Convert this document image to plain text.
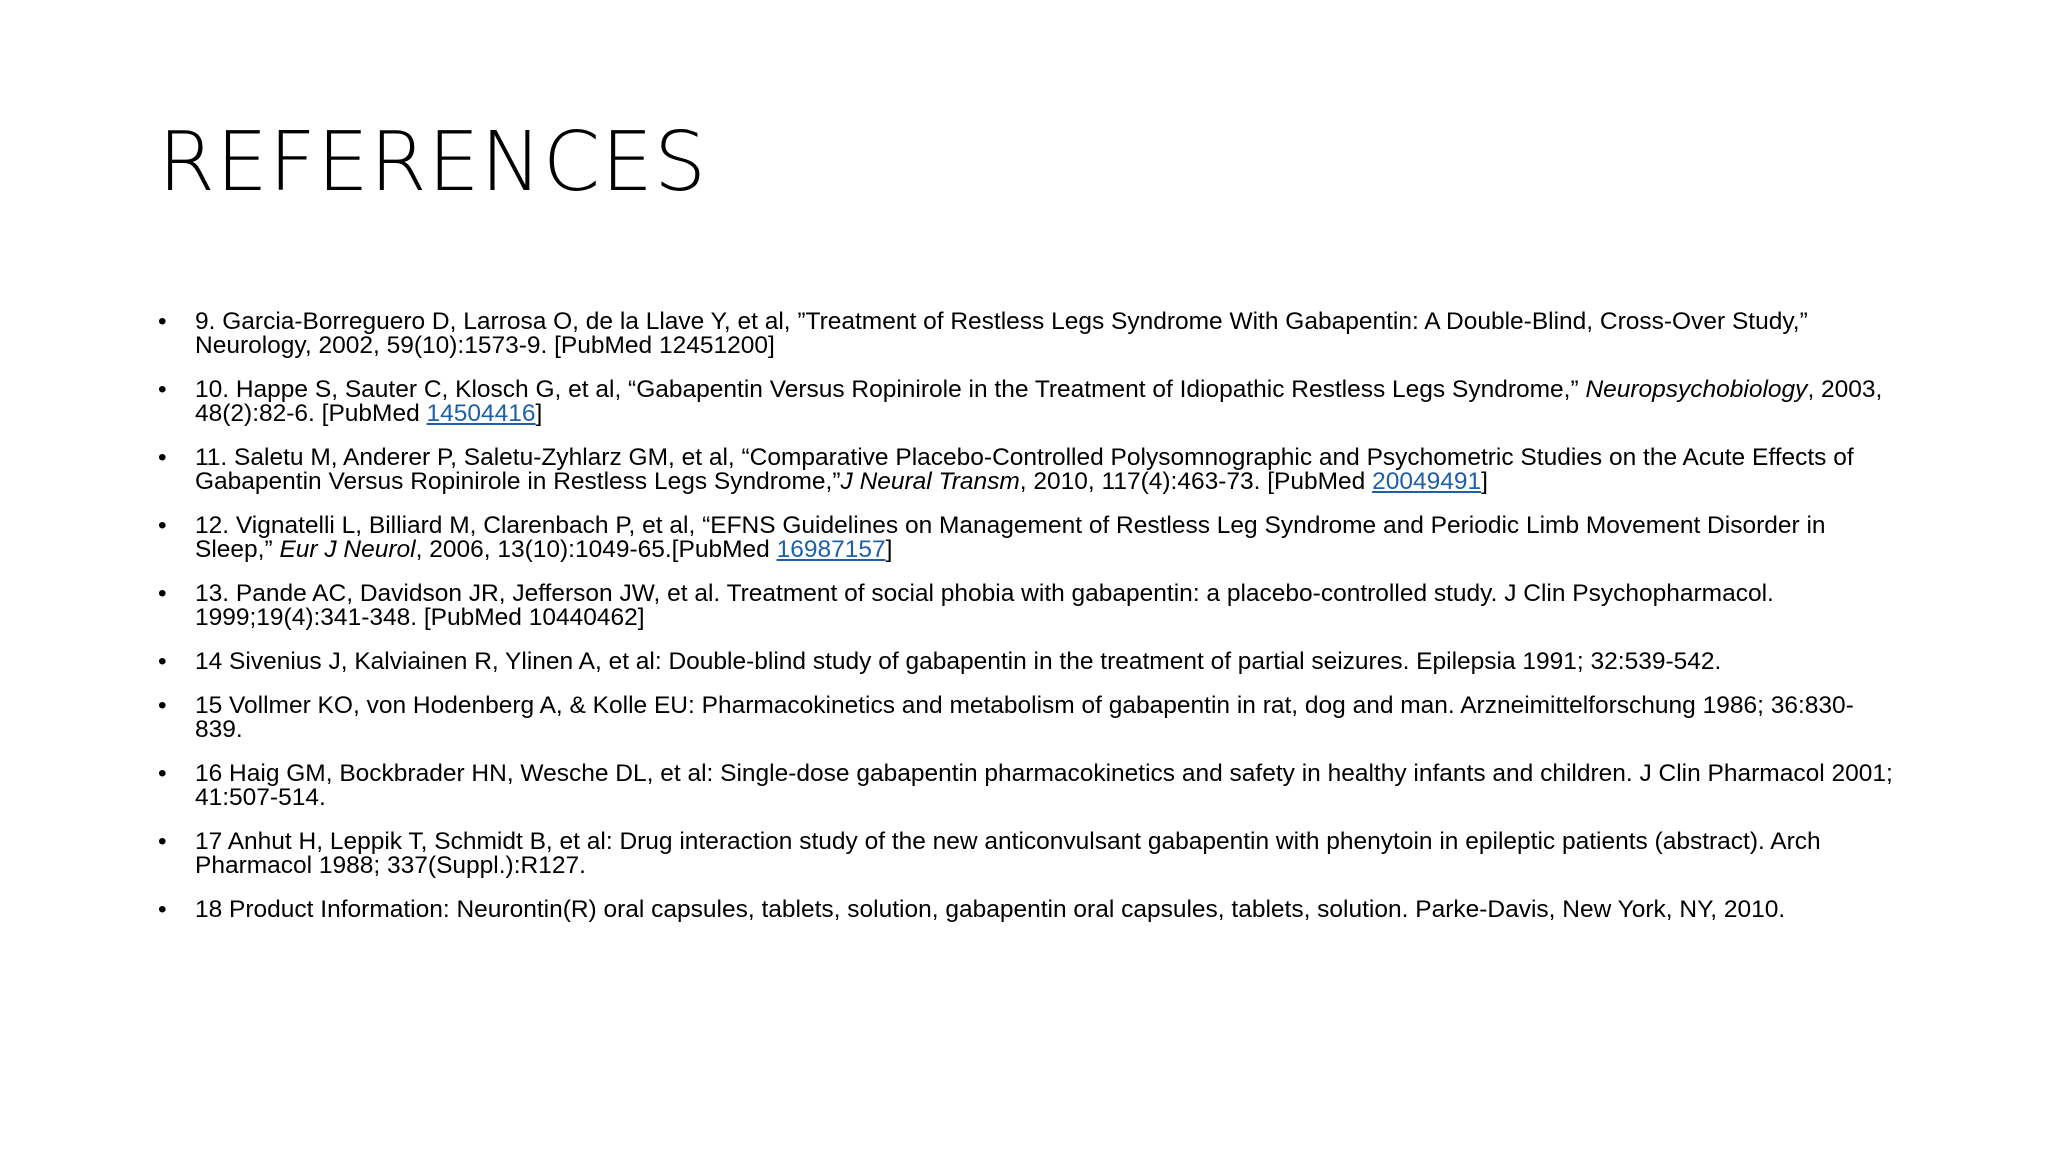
REFERENCES
• 9. Garcia-Borreguero D, Larrosa O, de la Llave Y, et al, ”Treatment of Restless Legs Syndrome With Gabapentin: A Double-Blind, Cross-Over Study,” Neurology, 2002, 59(10):1573-9. [PubMed 12451200]
• 10. Happe S, Sauter C, Klosch G, et al, “Gabapentin Versus Ropinirole in the Treatment of Idiopathic Restless Legs Syndrome,” Neuropsychobiology, 2003, 48(2):82-6. [PubMed 14504416]
• 11. Saletu M, Anderer P, Saletu-Zyhlarz GM, et al, “Comparative Placebo-Controlled Polysomnographic and Psychometric Studies on the Acute Effects of Gabapentin Versus Ropinirole in Restless Legs Syndrome,”J Neural Transm, 2010, 117(4):463-73. [PubMed 20049491]
• 12. Vignatelli L, Billiard M, Clarenbach P, et al, “EFNS Guidelines on Management of Restless Leg Syndrome and Periodic Limb Movement Disorder in Sleep,” Eur J Neurol, 2006, 13(10):1049-65.[PubMed 16987157]
• 13. Pande AC, Davidson JR, Jefferson JW, et al. Treatment of social phobia with gabapentin: a placebo-controlled study. J Clin Psychopharmacol. 1999;19(4):341-348. [PubMed 10440462]
• 14 Sivenius J, Kalviainen R, Ylinen A, et al: Double-blind study of gabapentin in the treatment of partial seizures. Epilepsia 1991; 32:539-542.
• 15 Vollmer KO, von Hodenberg A, & Kolle EU: Pharmacokinetics and metabolism of gabapentin in rat, dog and man. Arzneimittelforschung 1986; 36:830-839.
• 16 Haig GM, Bockbrader HN, Wesche DL, et al: Single-dose gabapentin pharmacokinetics and safety in healthy infants and children. J Clin Pharmacol 2001; 41:507-514.
• 17 Anhut H, Leppik T, Schmidt B, et al: Drug interaction study of the new anticonvulsant gabapentin with phenytoin in epileptic patients (abstract). Arch Pharmacol 1988; 337(Suppl.):R127.
• 18 Product Information: Neurontin(R) oral capsules, tablets, solution, gabapentin oral capsules, tablets, solution. Parke-Davis, New York, NY, 2010.
